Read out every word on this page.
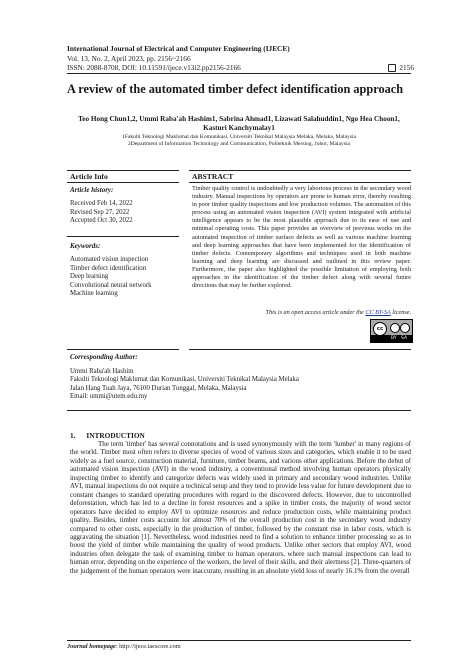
International Journal of Electrical and Computer Engineering (IJECE)
Vol. 13, No. 2, April 2023, pp. 2156~2166
ISSN: 2088-8708, DOI: 10.11591/ijece.v13i2.pp2156-2166	2156
A review of the automated timber defect identification approach
Teo Hong Chun1,2, Ummi Raba'ah Hashim1, Sabrina Ahmad1, Lizawati Salahuddin1, Ngo Hea Choon1,
Kasturi Kanchymalay1
1Fakulti Teknologi Maklumat dan Komunikasi, Universiti Teknikal Malaysia Melaka, Melaka, Malaysia
2Department of Information Technology and Communication, Politeknik Mersing, Johor, Malaysia
Article Info	ABSTRACT
Article history:
Received Feb 14, 2022
Revised Sep 27, 2022
Accepted Oct 30, 2022
Keywords:
Automated vision inspection
Timber defect identification
Deep learning
Convolutional neural network
Machine learning
Timber quality control is undoubtedly a very laborious process in the secondary wood industry. Manual inspections by operators are prone to human error, thereby resulting in poor timber quality inspections and low production volumes. The automation of this process using an automated vision inspection (AVI) system integrated with artificial intelligence appears to be the most plausible approach due to its ease of use and minimal operating costs. This paper provides an overview of previous works on the automated inspection of timber surface defects as well as various machine learning and deep learning approaches that have been implemented for the identification of timber defects. Contemporary algorithms and techniques used in both machine learning and deep learning are discussed and outlined in this review paper. Furthermore, the paper also highlighted the possible limitation of employing both approaches in the identification of the timber defect along with several future directions that may be further explored.
This is an open access article under the CC BY-SA license.
cc
BY SA
Corresponding Author:
Ummi Raba'ah Hashim
Fakulti Teknologi Maklumat dan Komunikasi, Universiti Teknikal Malaysia Melaka
Jalan Hang Tuah Jaya, 76100 Durian Tunggal, Melaka, Malaysia
Email: ummi@utem.edu.my
1.      INTRODUCTION
The term 'timber' has several connotations and is used synonymously with the term 'lumber' in many regions of the world. Timber most often refers to diverse species of wood of various sizes and categories, which enable it to be used widely as a fuel source, construction material, furniture, timber beams, and various other applications. Before the debut of automated vision inspection (AVI) in the wood industry, a conventional method involving human operators physically inspecting timber to identify and categorize defects was widely used in primary and secondary wood industries. Unlike AVI, manual inspections do not require a technical setup and they tend to provide less value for future development due to constant changes to standard operating procedures with regard to the discovered defects. However, due to uncontrolled deforestation, which has led to a decline in forest resources and a spike in timber costs, the majority of wood sector operators have decided to employ AVI to optimize resources and reduce production costs, while maintaining product quality. Besides, timber costs account for almost 70% of the overall production cost in the secondary wood industry compared to other costs, especially in the production of timber, followed by the constant rise in labor costs, which is aggravating the situation [1]. Nevertheless, wood industries need to find a solution to enhance timber processing so as to boost the yield of timber while maintaining the quality of wood products. Unlike other sectors that employ AVI, wood industries often delegate the task of examining timber to human operators, where such manual inspections can lead to human error, depending on the experience of the workers, the level of their skills, and their alertness [2]. Three-quarters of the judgement of the human operators were inaccurate, resulting in an absolute yield loss of nearly 16.1% from the overall
Journal homepage: http://ijece.iaescore.com
